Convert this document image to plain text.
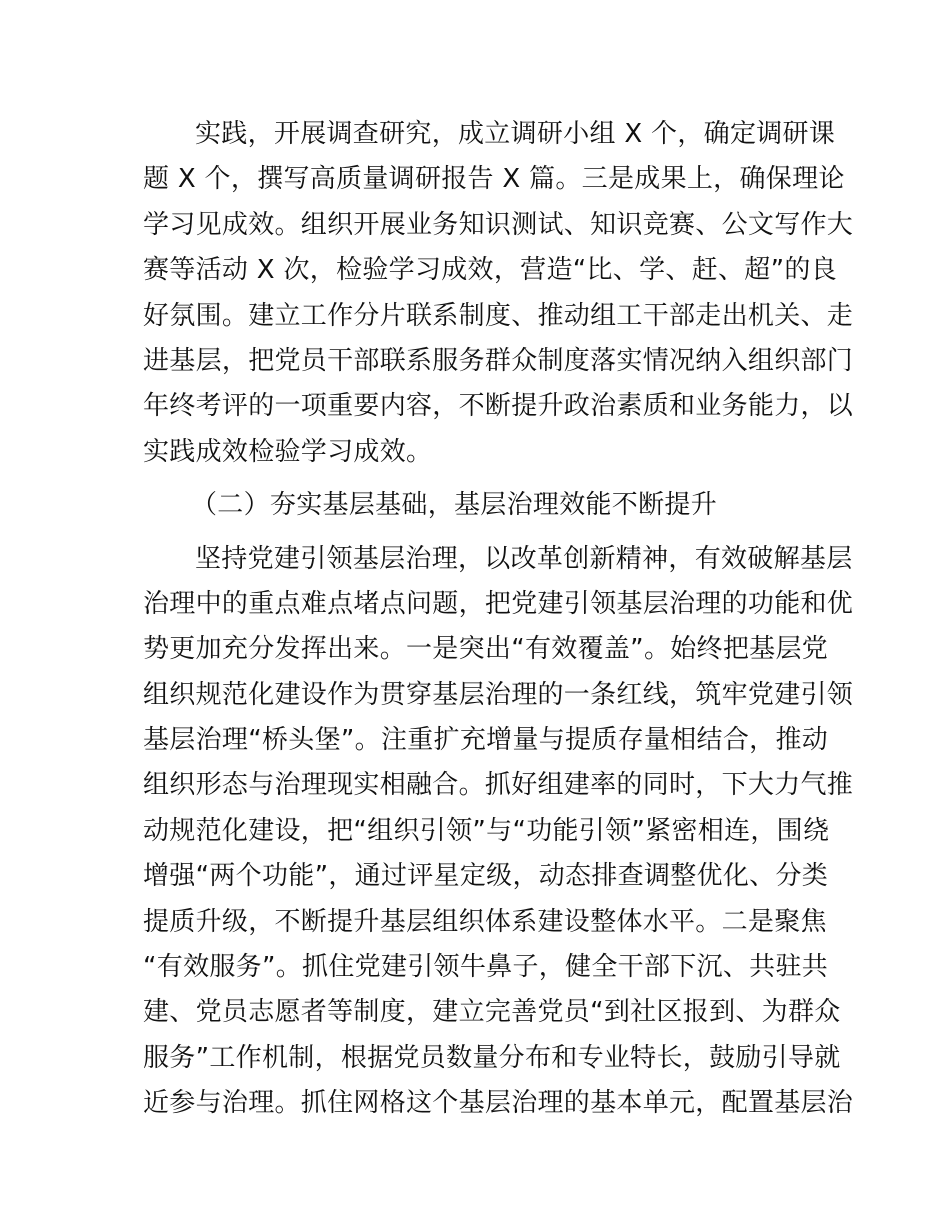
实践，开展调查研究，成立调研小组 X 个，确定调研课
题 X 个，撰写高质量调研报告 X 篇。三是成果上，确保理论
学习见成效。组织开展业务知识测试、知识竞赛、公文写作大
赛等活动 X 次，检验学习成效，营造“比、学、赶、超”的良
好氛围。建立工作分片联系制度、推动组工干部走出机关、走
进基层，把党员干部联系服务群众制度落实情况纳入组织部门
年终考评的一项重要内容，不断提升政治素质和业务能力，以
实践成效检验学习成效。
（二）夯实基层基础，基层治理效能不断提升
坚持党建引领基层治理，以改革创新精神，有效破解基层
治理中的重点难点堵点问题，把党建引领基层治理的功能和优
势更加充分发挥出来。一是突出“有效覆盖”。始终把基层党
组织规范化建设作为贯穿基层治理的一条红线，筑牢党建引领
基层治理“桥头堡”。注重扩充增量与提质存量相结合，推动
组织形态与治理现实相融合。抓好组建率的同时，下大力气推
动规范化建设，把“组织引领”与“功能引领”紧密相连，围绕
增强“两个功能”，通过评星定级，动态排查调整优化、分类
提质升级，不断提升基层组织体系建设整体水平。二是聚焦
“有效服务”。抓住党建引领牛鼻子，健全干部下沉、共驻共
建、党员志愿者等制度，建立完善党员“到社区报到、为群众
服务”工作机制，根据党员数量分布和专业特长，鼓励引导就
近参与治理。抓住网格这个基层治理的基本单元，配置基层治
